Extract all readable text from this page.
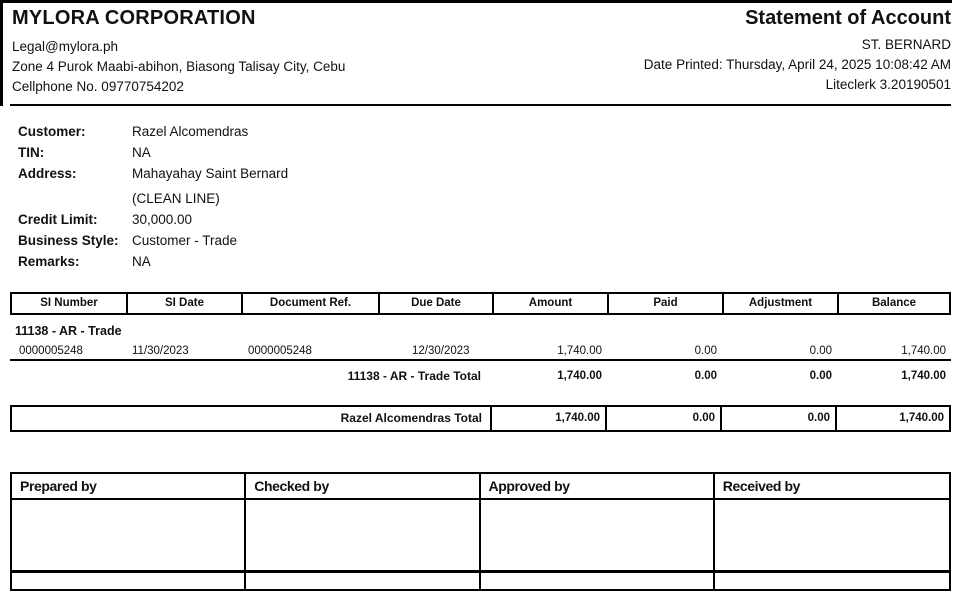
MYLORA CORPORATION
Legal@mylora.ph
Zone 4 Purok Maabi-abihon, Biasong Talisay City, Cebu
Cellphone No. 09770754202
Statement of Account
ST. BERNARD
Date Printed: Thursday, April 24, 2025 10:08:42 AM
Liteclerk 3.20190501
Customer:	Razel Alcomendras
TIN:	NA
Address:	Mahayahay Saint Bernard
(CLEAN LINE)
Credit Limit:	30,000.00
Business Style: Customer - Trade
Remarks:	NA
SI Number	SI Date	Document Ref.	Due Date	Amount	Paid	Adjustment	Balance
11138 - AR - Trade
0000005248	11/30/2023	0000005248	12/30/2023	1,740.00	0.00	0.00	1,740.00
11138 - AR - Trade Total	1,740.00	0.00	0.00	1,740.00
Razel Alcomendras Total	1,740.00	0.00	0.00	1,740.00
Prepared by	Checked by	Approved by	Received by
